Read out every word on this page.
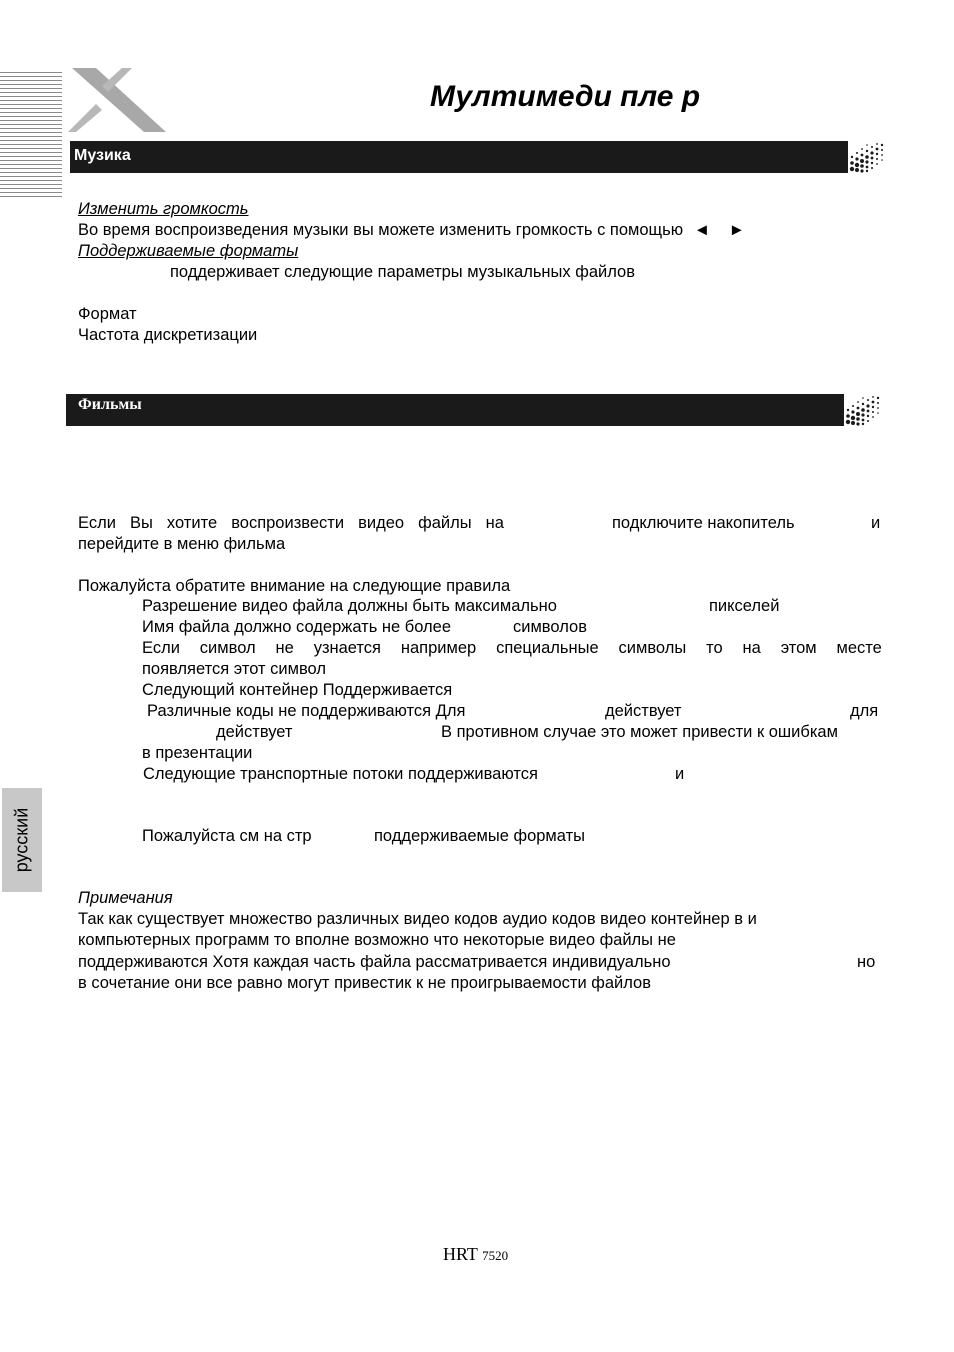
Мултимеди пле р
Музика
Изменить громкость
Во время воспроизведения музыки вы можете изменить громкость с помощью ◄ ►
Поддерживаемые форматы
поддерживает следующие параметры музыкальных файлов
Формат
Частота дискретизации
Фильмы
Если Вы хотите воспроизвести видео файлы на	подключите накопитель	и
перейдите в меню фильма
Пожалуйста обратите внимание на следующие правила
Разрешение видео файла должны быть максимально	пикселей
Имя файла должно содержать не более	символов
Если символ не узнается например специальные символы то на этом месте
появляется этот символ
Следующий контейнер Поддерживается
Различные коды не поддерживаются Для	действует	для
действует	В противном случае это может привести к ошибкам
в презентации
Следующие транспортные потоки поддерживаются	и
Пожалуйста см на стр	поддерживаемые форматы
Примечания
Так как существует множество различных видео кодов аудио кодов видео контейнер в и
компьютерных программ то вполне возможно что некоторые видео файлы не
поддерживаются Хотя каждая часть файла рассматривается индивидуально	но
в сочетание они все равно могут привестик к не проигрываемости файлов
русский
HRT 7520
